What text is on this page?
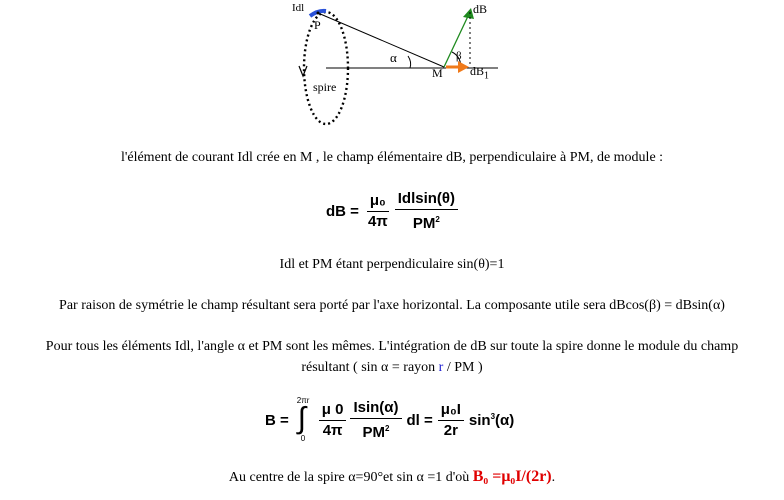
Idl
P
spire
α
M
β
dB
$dB_1$
l'élément de courant Idl crée en M , le champ élémentaire dB, perpendiculaire à PM, de module :
dB = $\frac{\text{μ₀}}{4\pi} \frac{\text{Idlsin(θ)}}{PM^2}$
Idl et PM étant perpendiculaire sin(θ)=1
Par raison de symétrie le champ résultant sera porté par l'axe horizontal. La composante utile sera dBcos(β) = dBsin(α)
Pour tous les éléments Idl, l'angle α et PM sont les mêmes. L'intégration de dB sur toute la spire donne le module du champ
résultant ( sin α = rayon r / PM )
B =
2πr
∫
$0 \frac{\mu 0}{4\pi} \frac{Isin(\alpha)}{PM^2}$ dl = $\frac{\text{μ₀I}}{2r} \sin^3(\alpha)$
Au centre de la spire α=90°et sin α =1 d'où B₀ =μ₀I/(2r).
